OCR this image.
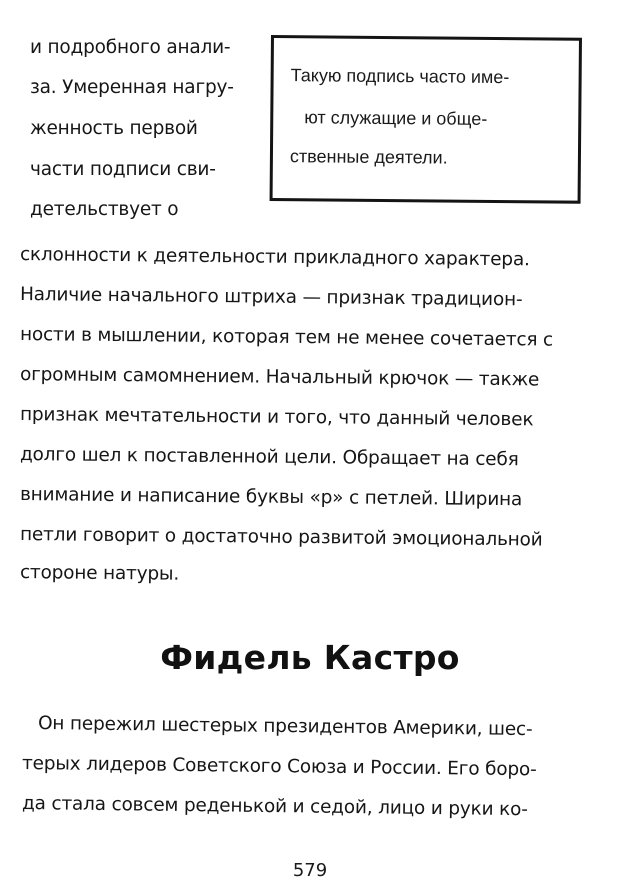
и подробного анали-
за. Умеренная нагру-
женность первой
части подписи сви-
детельствует о
Такую подпись часто име-
ют служащие и обще-
ственные деятели.
склонности к деятельности прикладного характера.
Наличие начального штриха — признак традицион-
ности в мышлении, которая тем не менее сочетается с
огромным самомнением. Начальный крючок — также
признак мечтательности и того, что данный человек
долго шел к поставленной цели. Обращает на себя
внимание и написание буквы «р» с петлей. Ширина
петли говорит о достаточно развитой эмоциональной
стороне натуры.
Фидель Кастро
Он пережил шестерых президентов Америки, шес-
терых лидеров Советского Союза и России. Его боро-
да стала совсем реденькой и седой, лицо и руки ко-
579
